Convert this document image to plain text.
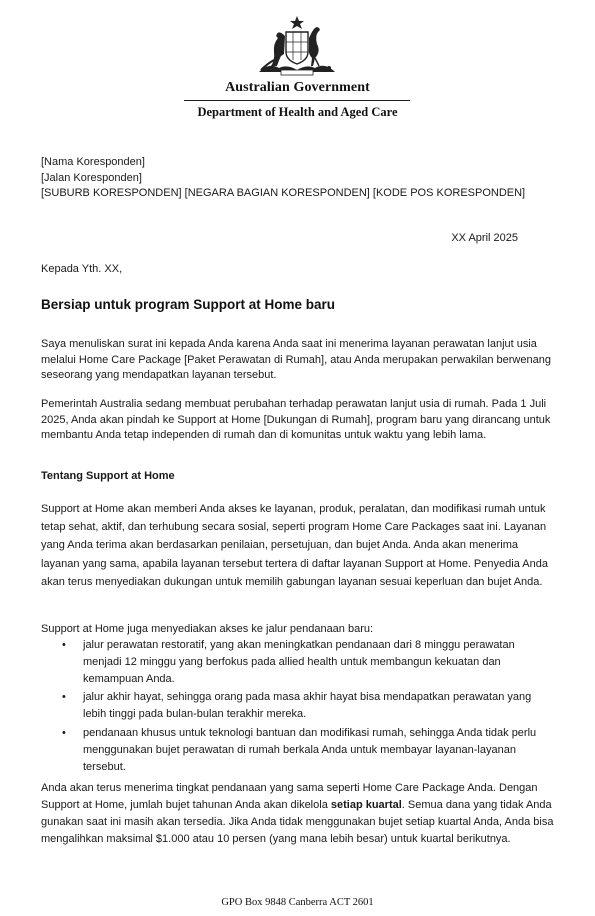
Australian Government
Department of Health and Aged Care
[Nama Koresponden]
[Jalan Koresponden]
[SUBURB KORESPONDEN] [NEGARA BAGIAN KORESPONDEN] [KODE POS KORESPONDEN]
XX April 2025
Kepada Yth. XX,
Bersiap untuk program Support at Home baru

Saya menuliskan surat ini kepada Anda karena Anda saat ini menerima layanan perawatan lanjut usia melalui Home Care Package [Paket Perawatan di Rumah], atau Anda merupakan perwakilan berwenang seseorang yang mendapatkan layanan tersebut.

Pemerintah Australia sedang membuat perubahan terhadap perawatan lanjut usia di rumah. Pada 1 Juli 2025, Anda akan pindah ke Support at Home [Dukungan di Rumah], program baru yang dirancang untuk membantu Anda tetap independen di rumah dan di komunitas untuk waktu yang lebih lama.

Tentang Support at Home

Support at Home akan memberi Anda akses ke layanan, produk, peralatan, dan modifikasi rumah untuk tetap sehat, aktif, dan terhubung secara sosial, seperti program Home Care Packages saat ini. Layanan yang Anda terima akan berdasarkan penilaian, persetujuan, dan bujet Anda. Anda akan menerima layanan yang sama, apabila layanan tersebut tertera di daftar layanan Support at Home. Penyedia Anda akan terus menyediakan dukungan untuk memilih gabungan layanan sesuai keperluan dan bujet Anda.

Support at Home juga menyediakan akses ke jalur pendanaan baru:

• jalur perawatan restoratif, yang akan meningkatkan pendanaan dari 8 minggu perawatan menjadi 12 minggu yang berfokus pada allied health untuk membangun kekuatan dan kemampuan Anda.
• jalur akhir hayat, sehingga orang pada masa akhir hayat bisa mendapatkan perawatan yang lebih tinggi pada bulan-bulan terakhir mereka.
• pendanaan khusus untuk teknologi bantuan dan modifikasi rumah, sehingga Anda tidak perlu menggunakan bujet perawatan di rumah berkala Anda untuk membayar layanan-layanan tersebut.

Anda akan terus menerima tingkat pendanaan yang sama seperti Home Care Package Anda. Dengan Support at Home, jumlah bujet tahunan Anda akan dikelola setiap kuartal. Semua dana yang tidak Anda gunakan saat ini masih akan tersedia. Jika Anda tidak menggunakan bujet setiap kuartal Anda, Anda bisa mengalihkan maksimal $1.000 atau 10 persen (yang mana lebih besar) untuk kuartal berikutnya.

GPO Box 9848 Canberra ACT 2601
